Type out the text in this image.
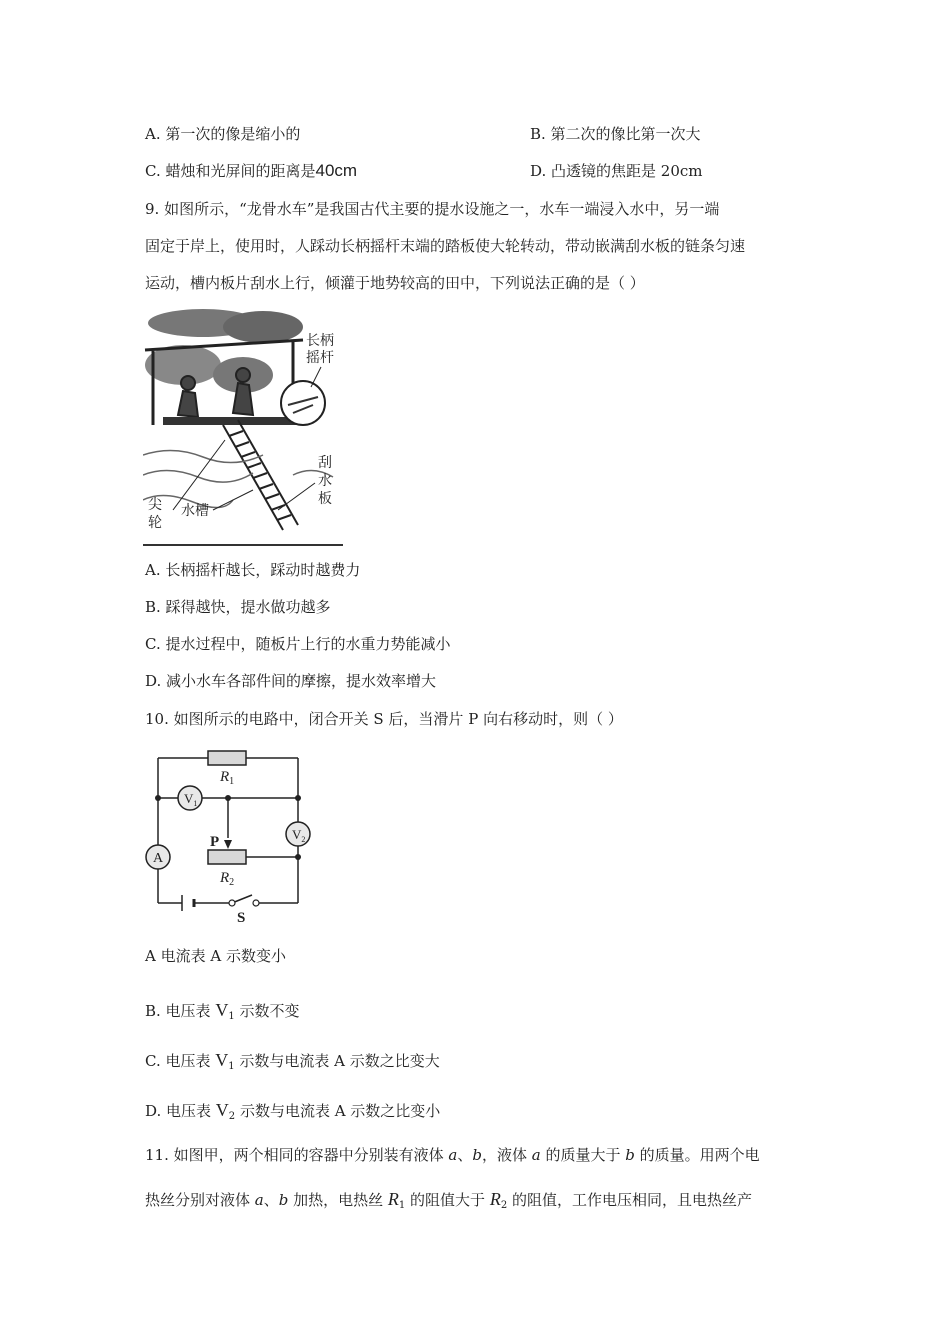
A. 第一次的像是缩小的	B. 第二次的像比第一次大
C. 蜡烛和光屏间的距离是40cm	D. 凸透镜的焦距是 20cm
9. 如图所示，“龙骨水车”是我国古代主要的提水设施之一，水车一端浸入水中，另一端
固定于岸上，使用时，人踩动长柄摇杆末端的踏板使大轮转动，带动嵌满刮水板的链条匀速
运动，槽内板片刮水上行，倾灌于地势较高的田中，下列说法正确的是（ ）
长柄
摇杆
刮
水
板
尖
轮
水槽
A. 长柄摇杆越长，踩动时越费力
B. 踩得越快，提水做功越多
C. 提水过程中，随板片上行的水重力势能减小
D. 减小水车各部件间的摩擦，提水效率增大
10. 如图所示的电路中，闭合开关 S 后，当滑片 P 向右移动时，则（ ）
$R_1$
$R_2$
$V_1$
$V_2$
A
P
S
A 电流表 A 示数变小
B. 电压表 $V_1$ 示数不变
C. 电压表 $V_1$ 示数与电流表 A 示数之比变大
D. 电压表 $V_2$ 示数与电流表 A 示数之比变小
11. 如图甲，两个相同的容器中分别装有液体 a、b，液体 a 的质量大于 b 的质量。用两个电
热丝分别对液体 a、b 加热，电热丝 $R_1$ 的阻值大于 $R_2$ 的阻值，工作电压相同，且电热丝产
